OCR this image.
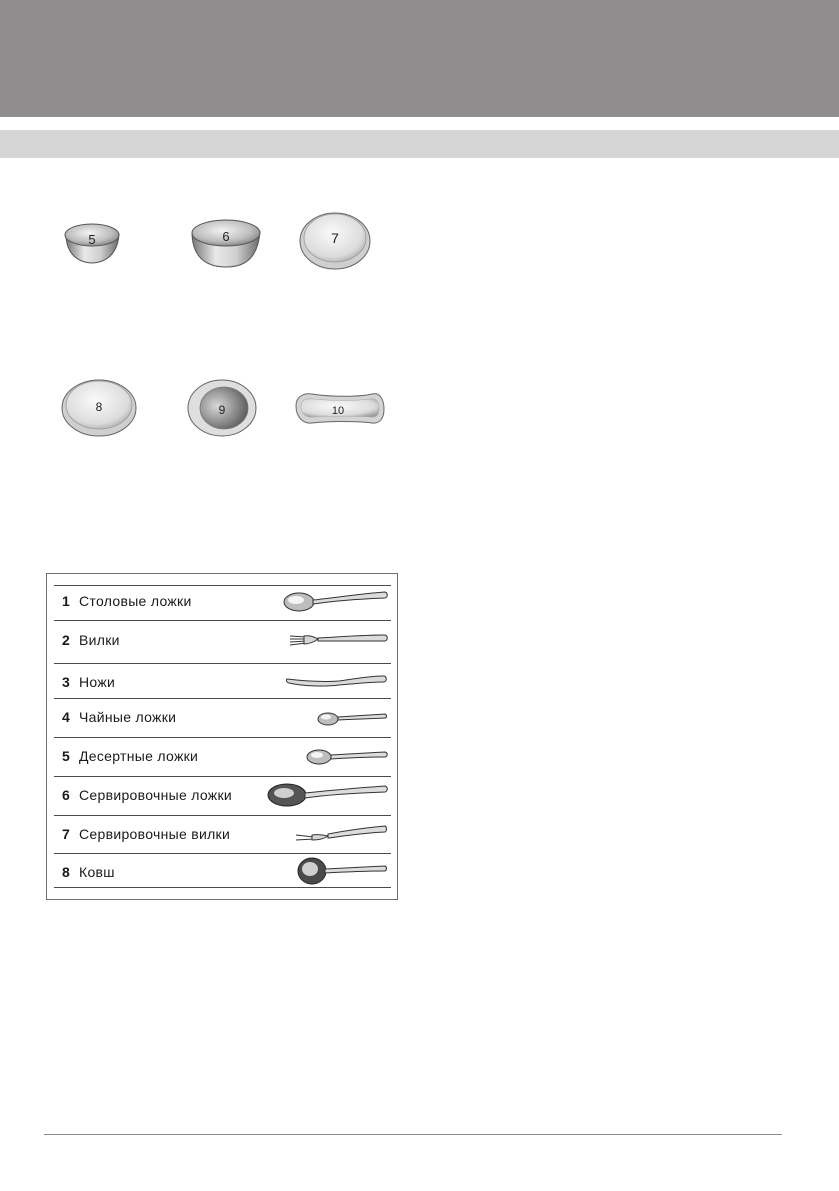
5	6	7
8	9	10
1 Столовые ложки
2 Вилки
3 Ножи
4 Чайные ложки
5 Десертные ложки
6 Сервировочные ложки
7 Сервировочные вилки
8 Ковш
